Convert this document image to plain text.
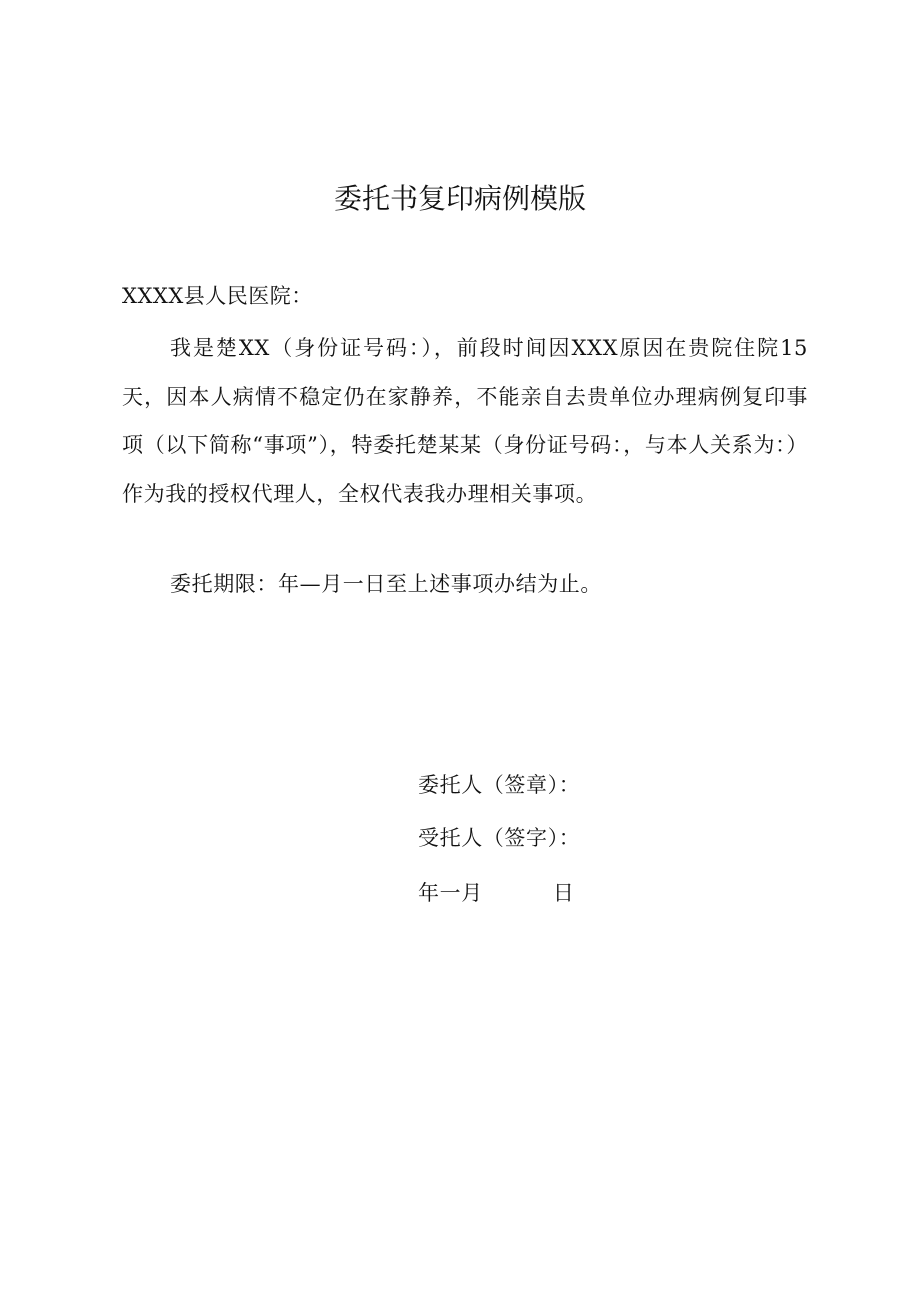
委托书复印病例模版
XXXX县人民医院：

我是楚XX（身份证号码：），前段时间因XXX原因在贵院住院15天，因本人病情不稳定仍在家静养，不能亲自去贵单位办理病例复印事项（以下简称“事项”），特委托楚某某（身份证号码：，与本人关系为：）作为我的授权代理人，全权代表我办理相关事项。

委托期限：年—月一日至上述事项办结为止。
委托人（签章）：
受托人（签字）：
年一月	日
